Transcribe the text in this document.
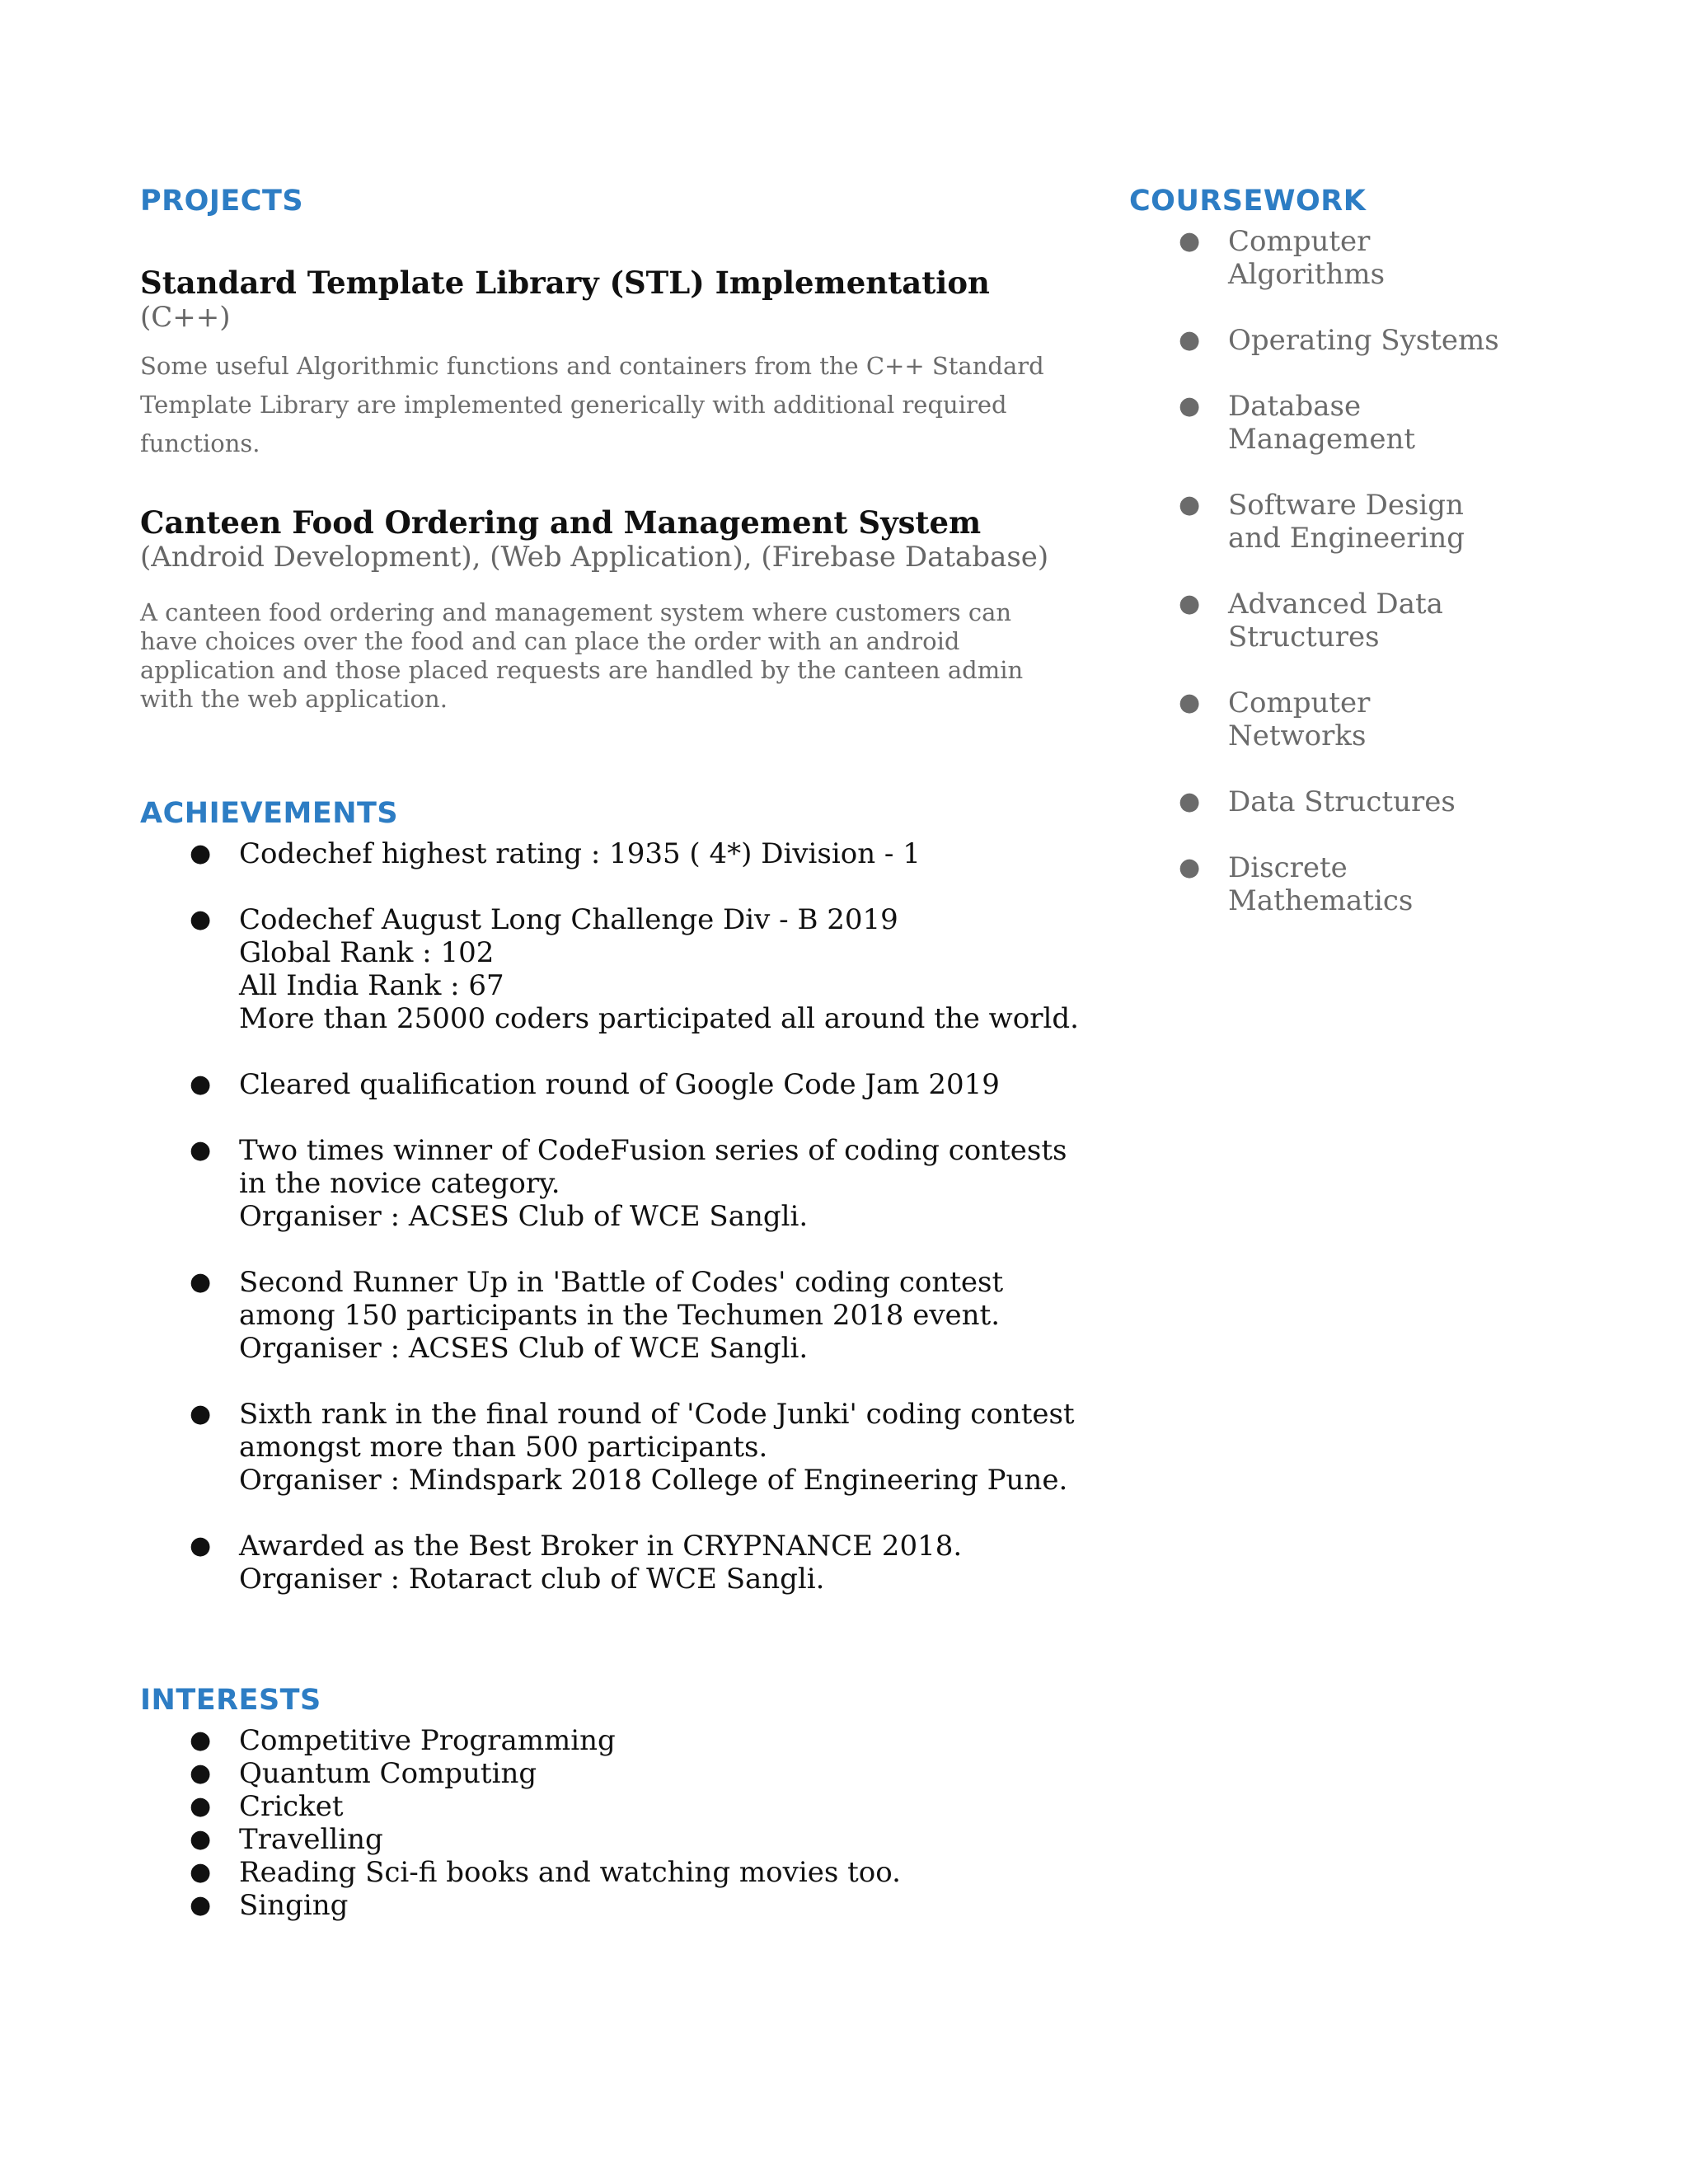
PROJECTS

Standard Template Library (STL) Implementation

(C++)

Some useful Algorithmic functions and containers from the C++ Standard Template Library are implemented generically with additional required functions.

Canteen Food Ordering and Management System

(Android Development), (Web Application), (Firebase Database)

A canteen food ordering and management system where customers can have choices over the food and can place the order with an android application and those placed requests are handled by the canteen admin with the web application.

ACHIEVEMENTS
● Codechef highest rating : 1935 ( 4*) Division - 1
● Codechef August Long Challenge Div - B 2019
Global Rank : 102
All India Rank : 67
More than 25000 coders participated all around the world.
● Cleared qualification round of Google Code Jam 2019
● Two times winner of CodeFusion series of coding contests
in the novice category.
Organiser : ACSES Club of WCE Sangli.
● Second Runner Up in 'Battle of Codes' coding contest
among 150 participants in the Techumen 2018 event.
Organiser : ACSES Club of WCE Sangli.
● Sixth rank in the final round of 'Code Junki' coding contest
amongst more than 500 participants.
Organiser : Mindspark 2018 College of Engineering Pune.
● Awarded as the Best Broker in CRYPNANCE 2018.
Organiser : Rotaract club of WCE Sangli.
INTERESTS
● Competitive Programming
● Quantum Computing
● Cricket
● Travelling
● Reading Sci-fi books and watching movies too.
● Singing
COURSEWORK
● Computer
Algorithms
● Operating Systems
● Database
Management
● Software Design
and Engineering
● Advanced Data
Structures
● Computer
Networks
● Data Structures
● Discrete
Mathematics
